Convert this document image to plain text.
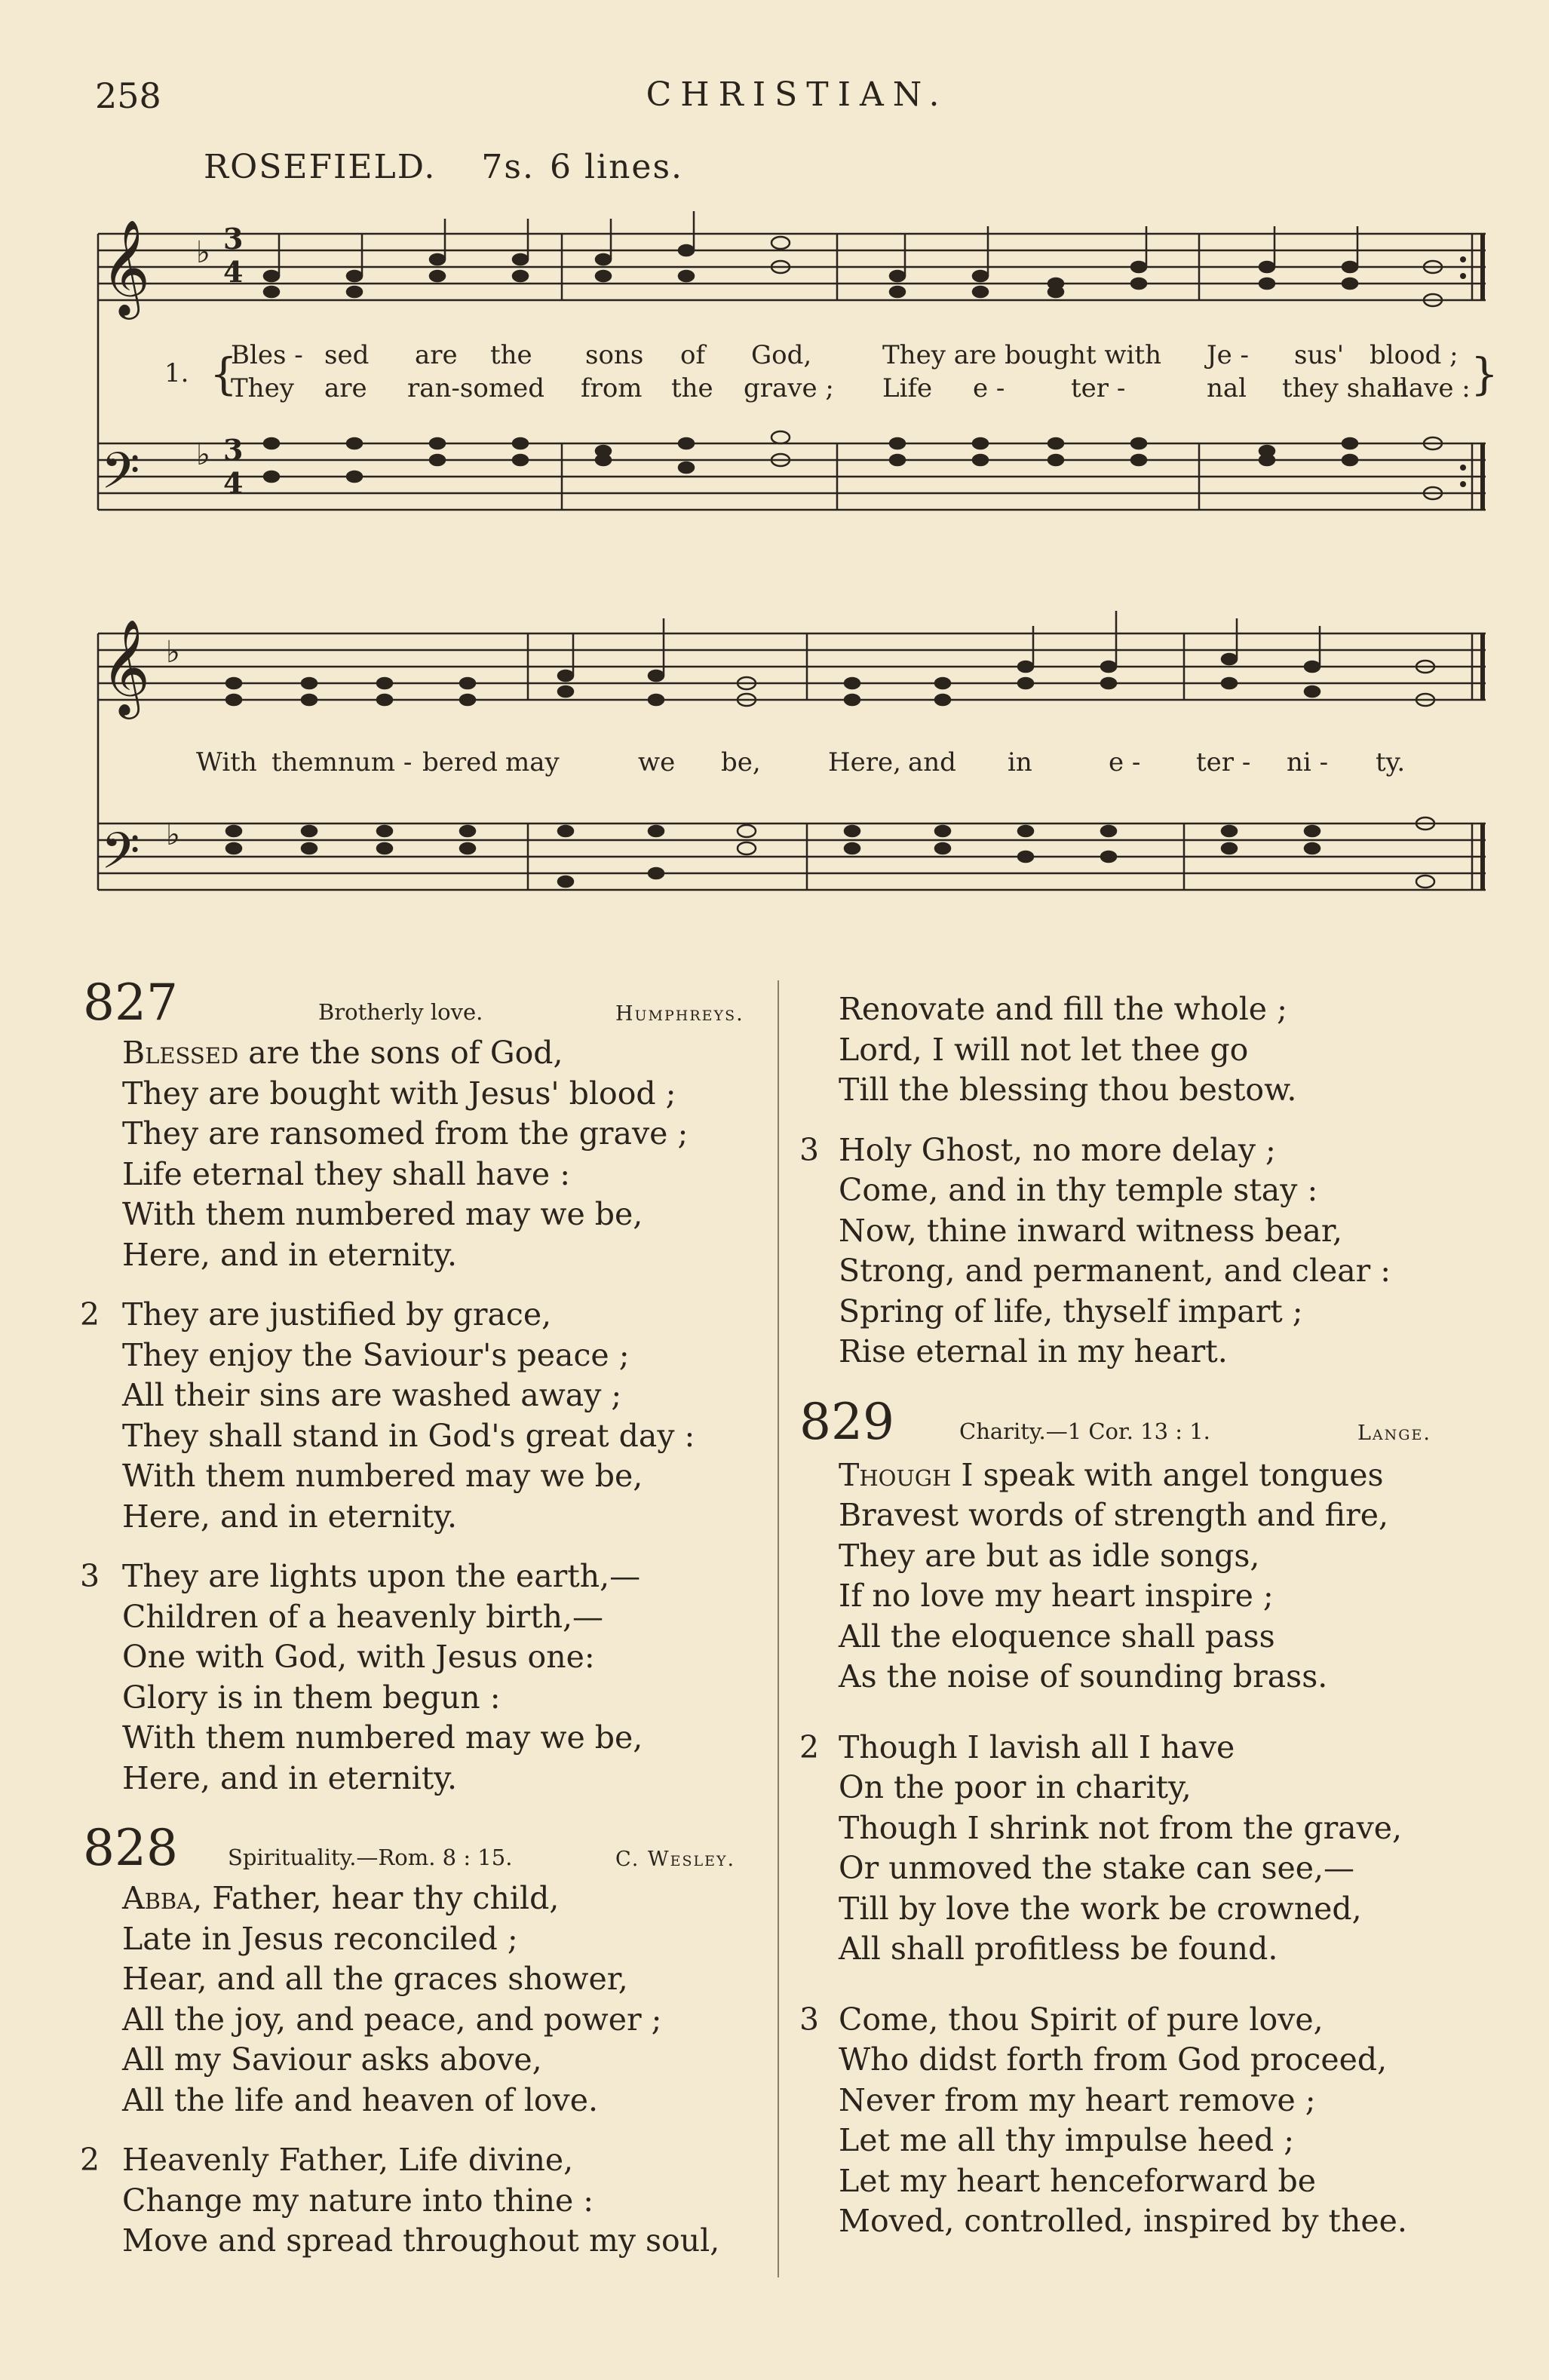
258	CHRISTIAN.
ROSEFIELD. 7s. 6 lines.
𝄞
𝄢
♭
♭
3
4
3
4
1. {	}
Bles - sed are the sons of God,	They are bought with Je - sus' blood ;
They are ran-somed from the grave ; Life e -	ter -	nal they shall
have :
𝄞
𝄢
♭
♭
With them num - bered may	we be,	Here, and in	e - ter - ni - ty.
827	Brotherly love.	Humphreys.
Blessed are the sons of God,
They are bought with Jesus' blood ;
They are ransomed from the grave ;
Life eternal they shall have :
With them numbered may we be,
Here, and in eternity.
2 They are justified by grace,
They enjoy the Saviour's peace ;
All their sins are washed away ;
They shall stand in God's great day :
With them numbered may we be,
Here, and in eternity.
3 They are lights upon the earth,—
Children of a heavenly birth,—
One with God, with Jesus one:
Glory is in them begun :
With them numbered may we be,
Here, and in eternity.
828 Spirituality.—Rom. 8 : 15.	C. Wesley.
Abba, Father, hear thy child,
Late in Jesus reconciled ;
Hear, and all the graces shower,
All the joy, and peace, and power ;
All my Saviour asks above,
All the life and heaven of love.
2 Heavenly Father, Life divine,
Change my nature into thine :
Move and spread throughout my soul,
Renovate and fill the whole ;
Lord, I will not let thee go
Till the blessing thou bestow.
3 Holy Ghost, no more delay ;
Come, and in thy temple stay :
Now, thine inward witness bear,
Strong, and permanent, and clear :
Spring of life, thyself impart ;
Rise eternal in my heart.
829	Charity.—1 Cor. 13 : 1.	Lange.
Though I speak with angel tongues
Bravest words of strength and fire,
They are but as idle songs,
If no love my heart inspire ;
All the eloquence shall pass
As the noise of sounding brass.
2 Though I lavish all I have
On the poor in charity,
Though I shrink not from the grave,
Or unmoved the stake can see,—
Till by love the work be crowned,
All shall profitless be found.
3 Come, thou Spirit of pure love,
Who didst forth from God proceed,
Never from my heart remove ;
Let me all thy impulse heed ;
Let my heart henceforward be
Moved, controlled, inspired by thee.
